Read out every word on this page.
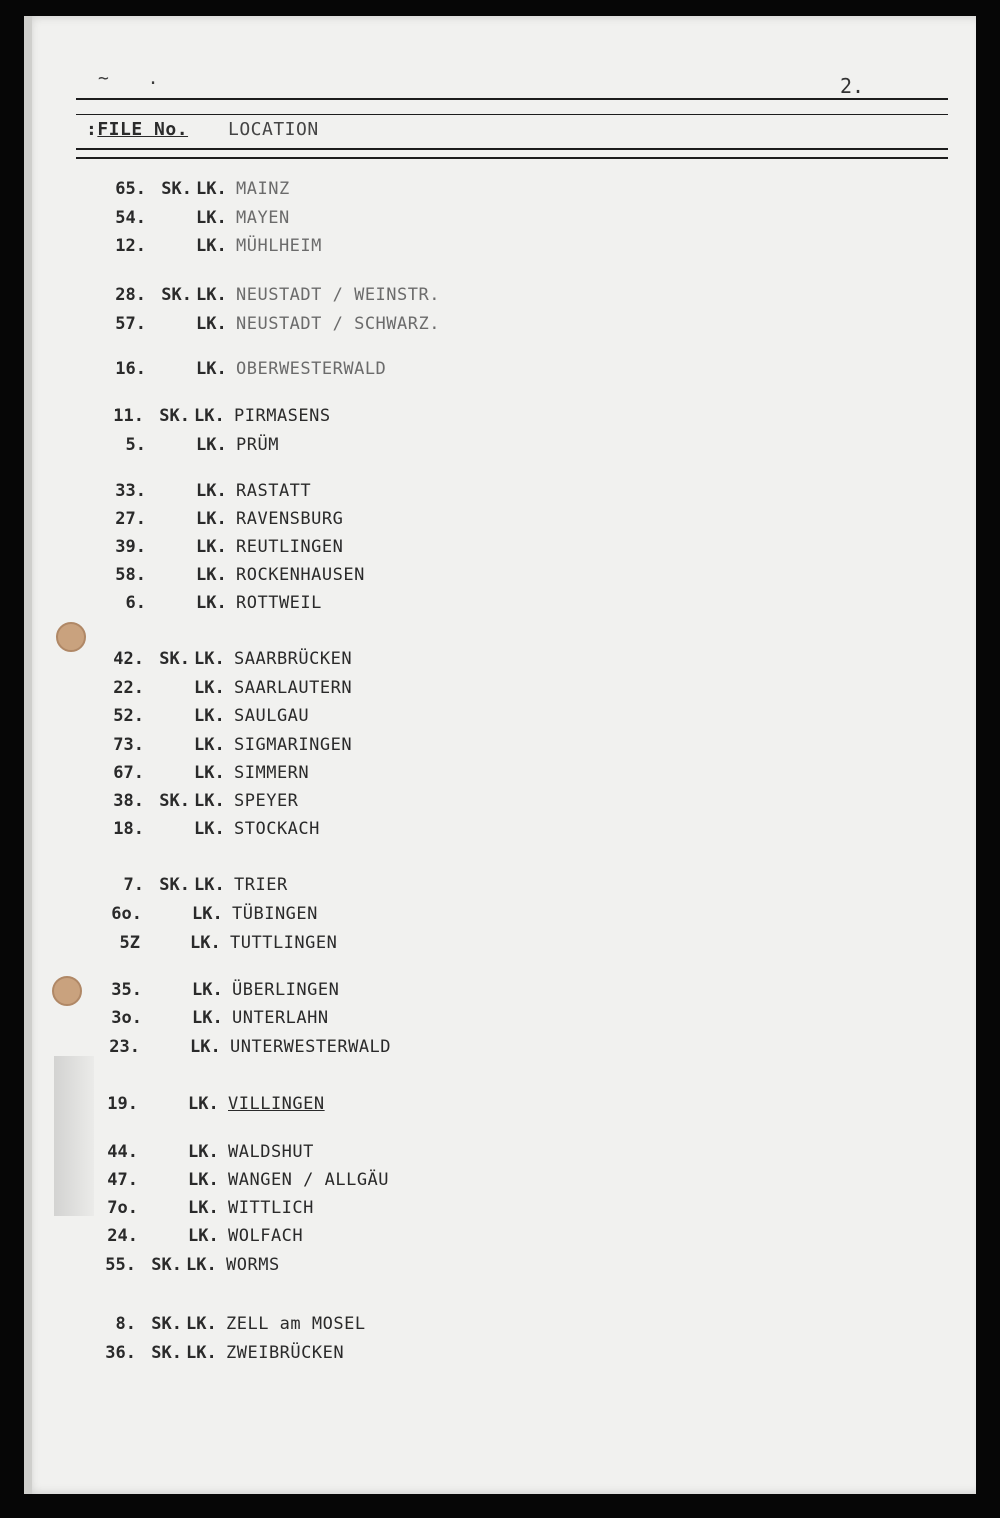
~ .	2.
:FILE No. LOCATION
65. SK. LK. MAINZ
54.	LK. MAYEN
12.	LK. MÜHLHEIM
28. SK. LK. NEUSTADT / WEINSTR.
57.	LK. NEUSTADT / SCHWARZ.
16.	LK. OBERWESTERWALD
11. SK. LK. PIRMASENS
5.	LK. PRÜM
33.	LK. RASTATT
27.	LK. RAVENSBURG
39.	LK. REUTLINGEN
58.	LK. ROCKENHAUSEN
6.	LK. ROTTWEIL
42. SK. LK. SAARBRÜCKEN
22.	LK. SAARLAUTERN
52.	LK. SAULGAU
73.	LK. SIGMARINGEN
67.	LK. SIMMERN
38. SK. LK. SPEYER
18.	LK. STOCKACH
7. SK. LK. TRIER
6o.	LK. TÜBINGEN
5Z	LK. TUTTLINGEN
35.	LK. ÜBERLINGEN
3o.	LK. UNTERLAHN
23.	LK. UNTERWESTERWALD
19.	LK. VILLINGEN
44.	LK. WALDSHUT
47.	LK. WANGEN / ALLGÄU
7o.	LK. WITTLICH
24.	LK. WOLFACH
55. SK. LK. WORMS
8. SK. LK. ZELL am MOSEL
36. SK. LK. ZWEIBRÜCKEN
